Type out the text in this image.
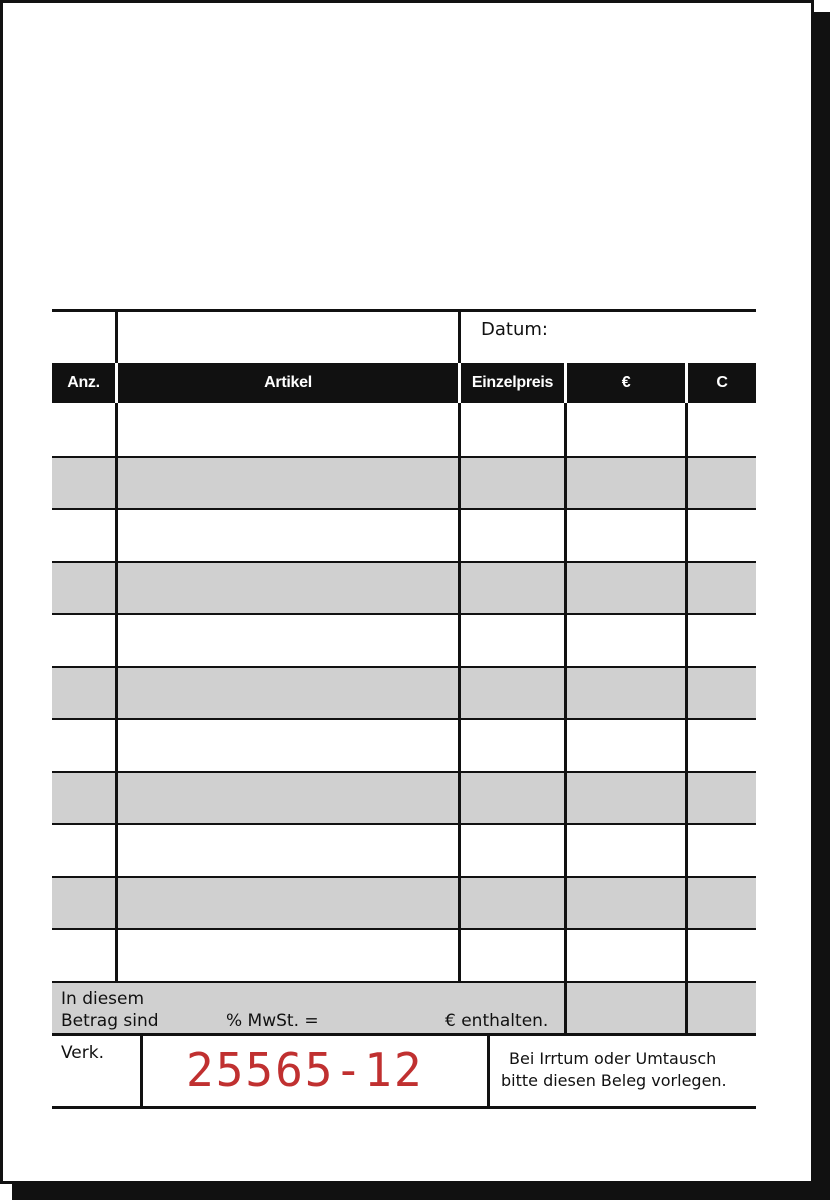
Datum:
Anz.	Artikel	Einzelpreis	€	C
In diesem
Betrag sind	% MwSt. =	€ enthalten.
Verk. 25565-12	Bei Irrtum oder Umtausch
bitte diesen Beleg vorlegen.
